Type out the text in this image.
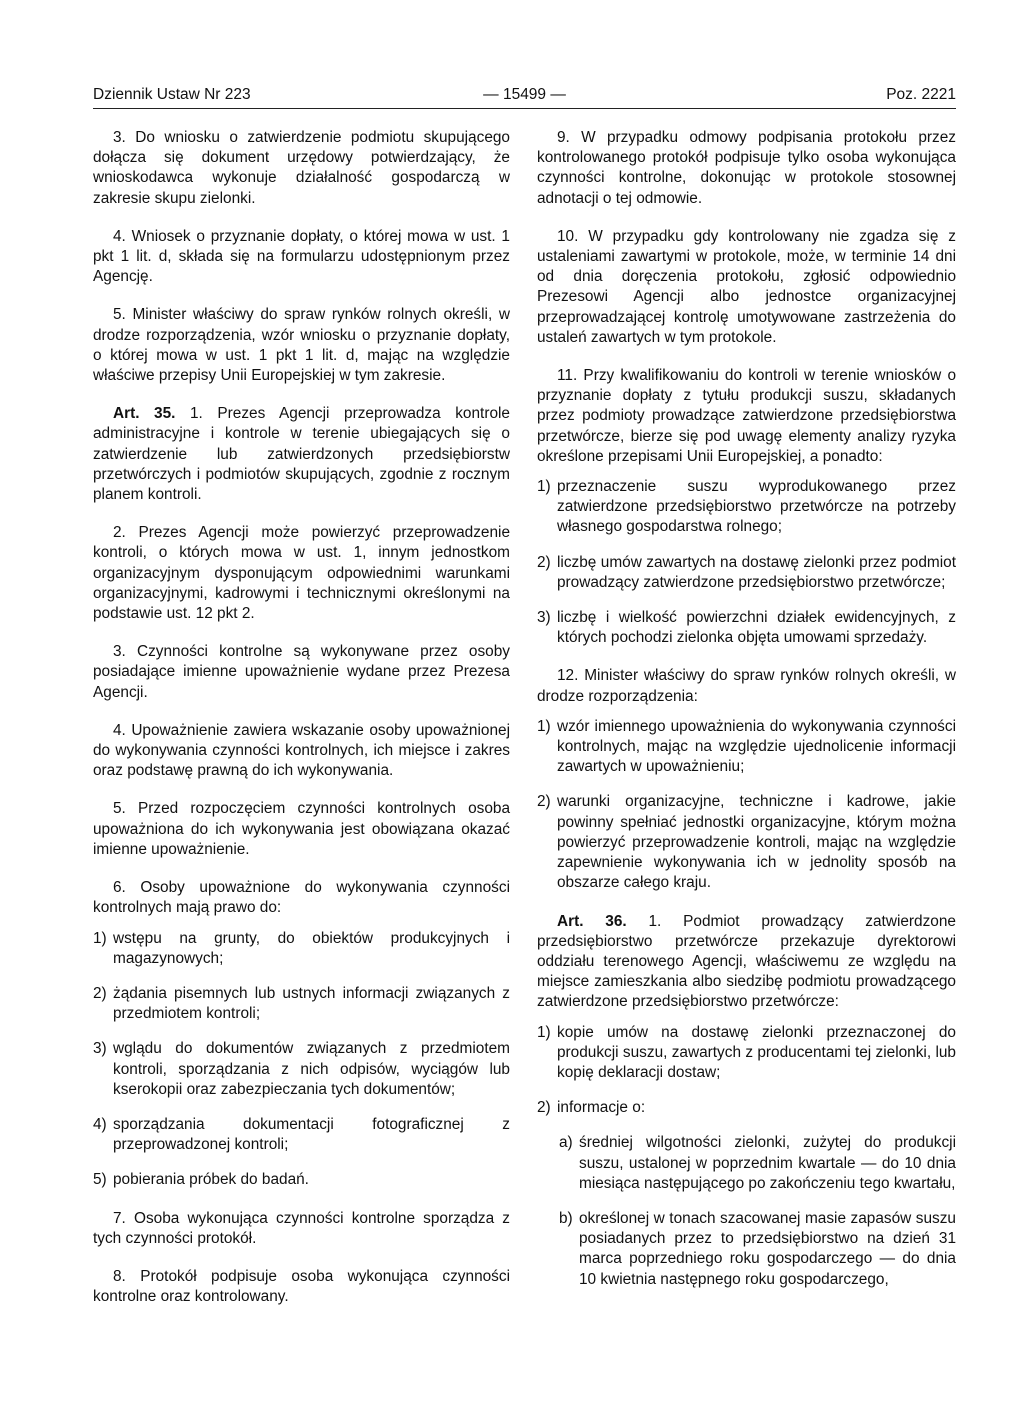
Dziennik Ustaw Nr 223	— 15499 —	Poz. 2221

3. Do wniosku o zatwierdzenie podmiotu skupującego dołącza się dokument urzędowy potwierdzający, że wnioskodawca wykonuje działalność gospodarczą w zakresie skupu zielonki.

4. Wniosek o przyznanie dopłaty, o której mowa w ust. 1 pkt 1 lit. d, składa się na formularzu udostępnionym przez Agencję.

5. Minister właściwy do spraw rynków rolnych określi, w drodze rozporządzenia, wzór wniosku o przyznanie dopłaty, o której mowa w ust. 1 pkt 1 lit. d, mając na względzie właściwe przepisy Unii Europejskiej w tym zakresie.

Art. 35. 1. Prezes Agencji przeprowadza kontrole administracyjne i kontrole w terenie ubiegających się o zatwierdzenie lub zatwierdzonych przedsiębiorstw przetwórczych i podmiotów skupujących, zgodnie z rocznym planem kontroli.

2. Prezes Agencji może powierzyć przeprowadzenie kontroli, o których mowa w ust. 1, innym jednostkom organizacyjnym dysponującym odpowiednimi warunkami organizacyjnymi, kadrowymi i technicznymi określonymi na podstawie ust. 12 pkt 2.

3. Czynności kontrolne są wykonywane przez osoby posiadające imienne upoważnienie wydane przez Prezesa Agencji.

4. Upoważnienie zawiera wskazanie osoby upoważnionej do wykonywania czynności kontrolnych, ich miejsce i zakres oraz podstawę prawną do ich wykonywania.

5. Przed rozpoczęciem czynności kontrolnych osoba upoważniona do ich wykonywania jest obowiązana okazać imienne upoważnienie.

6. Osoby upoważnione do wykonywania czynności kontrolnych mają prawo do:

1) wstępu na grunty, do obiektów produkcyjnych i magazynowych;
2) żądania pisemnych lub ustnych informacji związanych z przedmiotem kontroli;
3) wglądu do dokumentów związanych z przedmiotem kontroli, sporządzania z nich odpisów, wyciągów lub kserokopii oraz zabezpieczania tych dokumentów;
4) sporządzania dokumentacji fotograficznej z przeprowadzonej kontroli;
5) pobierania próbek do badań.

7. Osoba wykonująca czynności kontrolne sporządza z tych czynności protokół.

8. Protokół podpisuje osoba wykonująca czynności kontrolne oraz kontrolowany.

9. W przypadku odmowy podpisania protokołu przez kontrolowanego protokół podpisuje tylko osoba wykonująca czynności kontrolne, dokonując w protokole stosownej adnotacji o tej odmowie.

10. W przypadku gdy kontrolowany nie zgadza się z ustaleniami zawartymi w protokole, może, w terminie 14 dni od dnia doręczenia protokołu, zgłosić odpowiednio Prezesowi Agencji albo jednostce organizacyjnej przeprowadzającej kontrolę umotywowane zastrzeżenia do ustaleń zawartych w tym protokole.

11. Przy kwalifikowaniu do kontroli w terenie wniosków o przyznanie dopłaty z tytułu produkcji suszu, składanych przez podmioty prowadzące zatwierdzone przedsiębiorstwa przetwórcze, bierze się pod uwagę elementy analizy ryzyka określone przepisami Unii Europejskiej, a ponadto:

1) przeznaczenie suszu wyprodukowanego przez zatwierdzone przedsiębiorstwo przetwórcze na potrzeby własnego gospodarstwa rolnego;
2) liczbę umów zawartych na dostawę zielonki przez podmiot prowadzący zatwierdzone przedsiębiorstwo przetwórcze;
3) liczbę i wielkość powierzchni działek ewidencyjnych, z których pochodzi zielonka objęta umowami sprzedaży.

12. Minister właściwy do spraw rynków rolnych określi, w drodze rozporządzenia:

1) wzór imiennego upoważnienia do wykonywania czynności kontrolnych, mając na względzie ujednolicenie informacji zawartych w upoważnieniu;
2) warunki organizacyjne, techniczne i kadrowe, jakie powinny spełniać jednostki organizacyjne, którym można powierzyć przeprowadzenie kontroli, mając na względzie zapewnienie wykonywania ich w jednolity sposób na obszarze całego kraju.

Art. 36. 1. Podmiot prowadzący zatwierdzone przedsiębiorstwo przetwórcze przekazuje dyrektorowi oddziału terenowego Agencji, właściwemu ze względu na miejsce zamieszkania albo siedzibę podmiotu prowadzącego zatwierdzone przedsiębiorstwo przetwórcze:

1) kopie umów na dostawę zielonki przeznaczonej do produkcji suszu, zawartych z producentami tej zielonki, lub kopię deklaracji dostaw;
2) informacje o:
a) średniej wilgotności zielonki, zużytej do produkcji suszu, ustalonej w poprzednim kwartale — do 10 dnia miesiąca następującego po zakończeniu tego kwartału,
b) określonej w tonach szacowanej masie zapasów suszu posiadanych przez to przedsiębiorstwo na dzień 31 marca poprzedniego roku gospodarczego — do dnia 10 kwietnia następnego roku gospodarczego,
